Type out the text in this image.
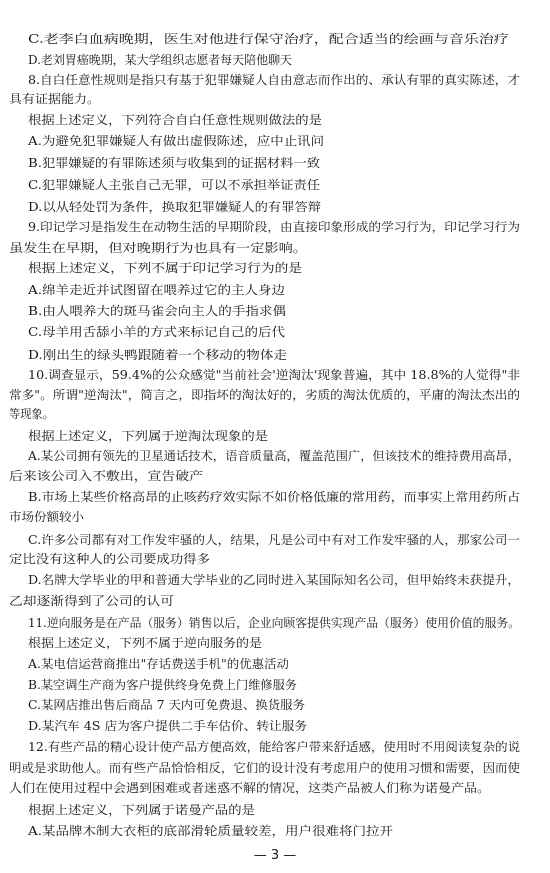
C.老李白血病晚期，医生对他进行保守治疗，配合适当的绘画与音乐治疗
D.老刘胃癌晚期，某大学组织志愿者每天陪他聊天
8.自白任意性规则是指只有基于犯罪嫌疑人自由意志而作出的、承认有罪的真实陈述，才
具有证据能力。
根据上述定义，下列符合自白任意性规则做法的是
A.为避免犯罪嫌疑人有做出虚假陈述，应中止讯问
B.犯罪嫌疑的有罪陈述须与收集到的证据材料一致
C.犯罪嫌疑人主张自己无罪，可以不承担举证责任
D.以从轻处罚为条件，换取犯罪嫌疑人的有罪答辩
9.印记学习是指发生在动物生活的早期阶段，由直接印象形成的学习行为，印记学习行为
虽发生在早期，但对晚期行为也具有一定影响。
根据上述定义，下列不属于印记学习行为的是
A.绵羊走近并试图留在喂养过它的主人身边
B.由人喂养大的斑马雀会向主人的手指求偶
C.母羊用舌舔小羊的方式来标记自己的后代
D.刚出生的绿头鸭跟随着一个移动的物体走
10.调查显示，59.4%的公众感觉"当前社会'逆淘汰'现象普遍，其中 18.8%的人觉得"非
常多"。所谓"逆淘汰"，简言之，即指坏的淘汰好的，劣质的淘汰优质的，平庸的淘汰杰出的
等现象。
根据上述定义，下列属于逆淘汰现象的是
A.某公司拥有领先的卫星通话技术，语音质量高，覆盖范围广，但该技术的维持费用高昂，
后来该公司入不敷出，宣告破产
B.市场上某些价格高昂的止咳药疗效实际不如价格低廉的常用药，而事实上常用药所占
市场份额较小
C.许多公司都有对工作发牢骚的人，结果，凡是公司中有对工作发牢骚的人，那家公司一
定比没有这种人的公司要成功得多
D.名牌大学毕业的甲和普通大学毕业的乙同时进入某国际知名公司，但甲始终未获提升，
乙却逐渐得到了公司的认可
11.逆向服务是在产品（服务）销售以后，企业向顾客提供实现产品（服务）使用价值的服务。
根据上述定义，下列不属于逆向服务的是
A.某电信运营商推出"存话费送手机"的优惠活动
B.某空调生产商为客户提供终身免费上门维修服务
C.某网店推出售后商品 7 天内可免费退、换货服务
D.某汽车 4S 店为客户提供二手车估价、转让服务
12.有些产品的精心设计使产品方便高效，能给客户带来舒适感，使用时不用阅读复杂的说
明或是求助他人。而有些产品恰恰相反，它们的设计没有考虑用户的使用习惯和需要，因而使
人们在使用过程中会遇到困难或者迷惑不解的情况，这类产品被人们称为诺曼产品。
根据上述定义，下列属于诺曼产品的是
A.某品牌木制大衣柜的底部滑轮质量较差，用户很难将门拉开
— 3 —
